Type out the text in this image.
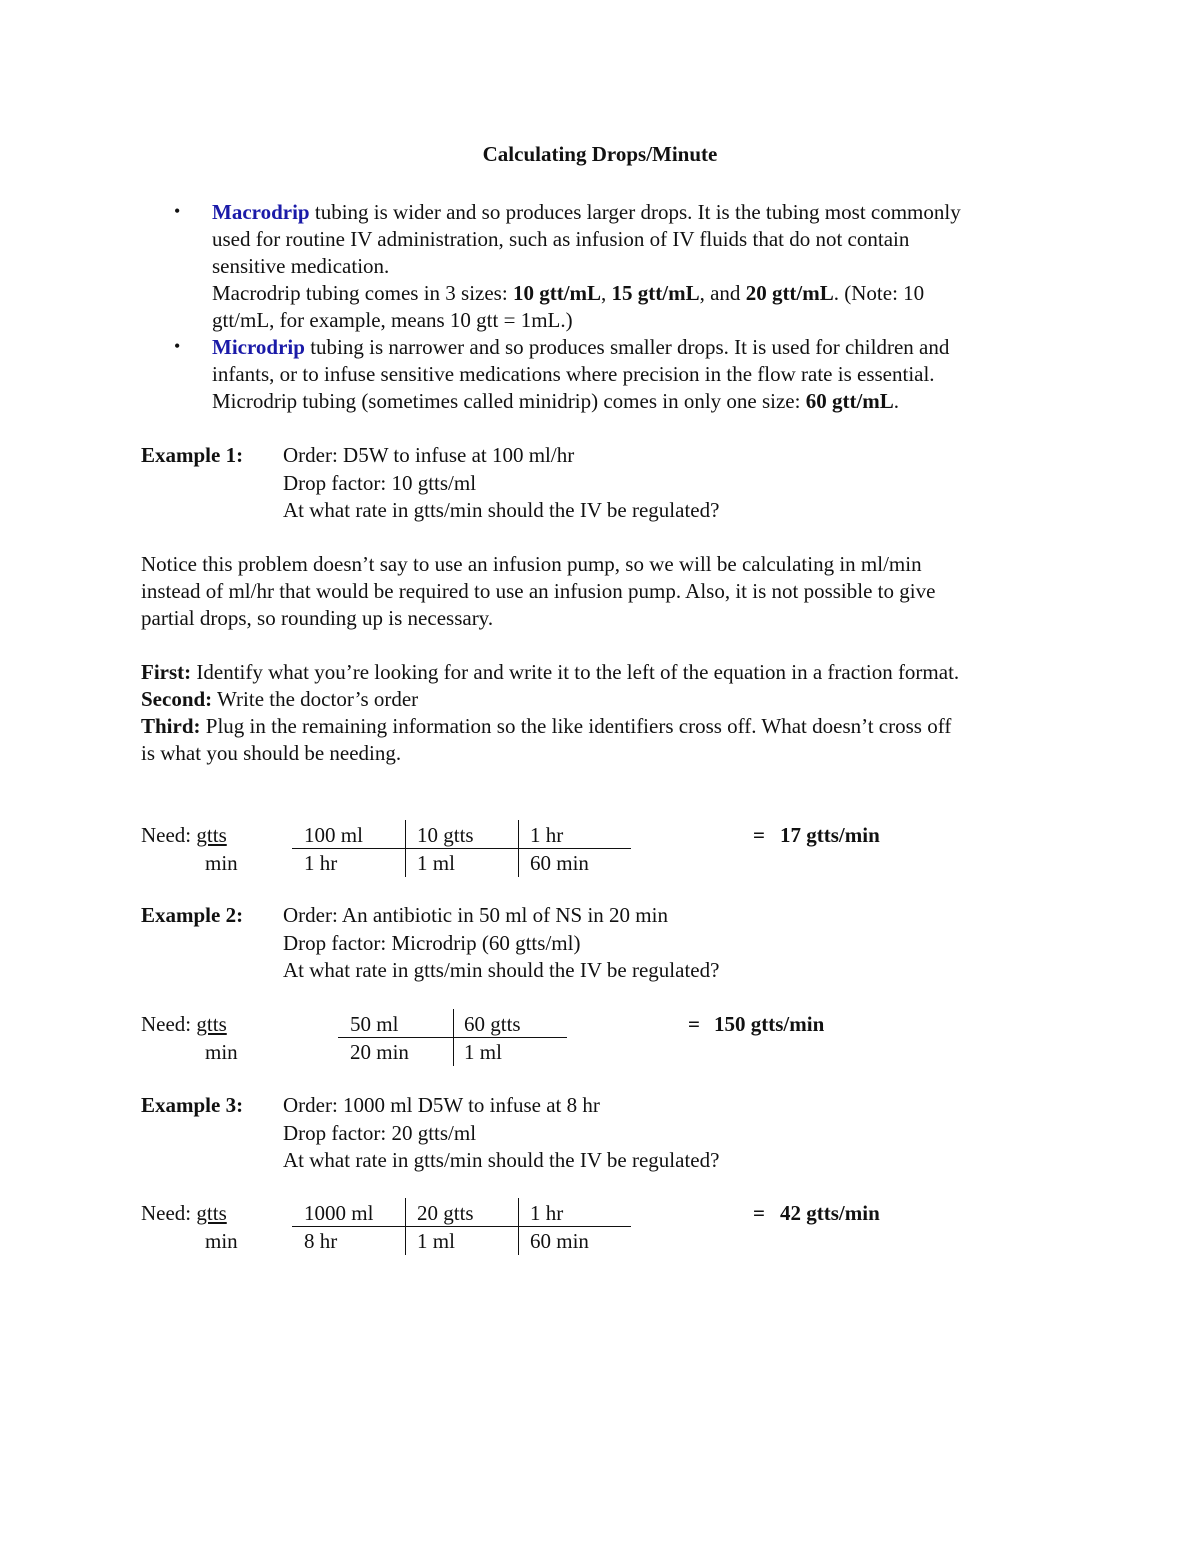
Calculating Drops/Minute
• Macrodrip tubing is wider and so produces larger drops. It is the tubing most commonly
used for routine IV administration, such as infusion of IV fluids that do not contain
sensitive medication.
Macrodrip tubing comes in 3 sizes: 10 gtt/mL, 15 gtt/mL, and 20 gtt/mL. (Note: 10
gtt/mL, for example, means 10 gtt = 1mL.)
• Microdrip tubing is narrower and so produces smaller drops. It is used for children and
infants, or to infuse sensitive medications where precision in the flow rate is essential.
Microdrip tubing (sometimes called minidrip) comes in only one size: 60 gtt/mL.
Example 1: Order: D5W to infuse at 100 ml/hr
Drop factor: 10 gtts/ml
At what rate in gtts/min should the IV be regulated?
Notice this problem doesn’t say to use an infusion pump, so we will be calculating in ml/min
instead of ml/hr that would be required to use an infusion pump. Also, it is not possible to give
partial drops, so rounding up is necessary.
First: Identify what you’re looking for and write it to the left of the equation in a fraction format.
Second: Write the doctor’s order
Third: Plug in the remaining information so the like identifiers cross off. What doesn’t cross off
is what you should be needing.
Need: gtts
min
100 ml
1 hr
10 gtts
1 ml
1 hr
60 min
= 17 gtts/min
Example 2: Order: An antibiotic in 50 ml of NS in 20 min
Drop factor: Microdrip (60 gtts/ml)
At what rate in gtts/min should the IV be regulated?
Need: gtts
min
50 ml
20 min
60 gtts
1 ml
= 150 gtts/min
Example 3: Order: 1000 ml D5W to infuse at 8 hr
Drop factor: 20 gtts/ml
At what rate in gtts/min should the IV be regulated?
Need: gtts
min
1000 ml
8 hr
20 gtts
1 ml
1 hr
60 min
= 42 gtts/min
